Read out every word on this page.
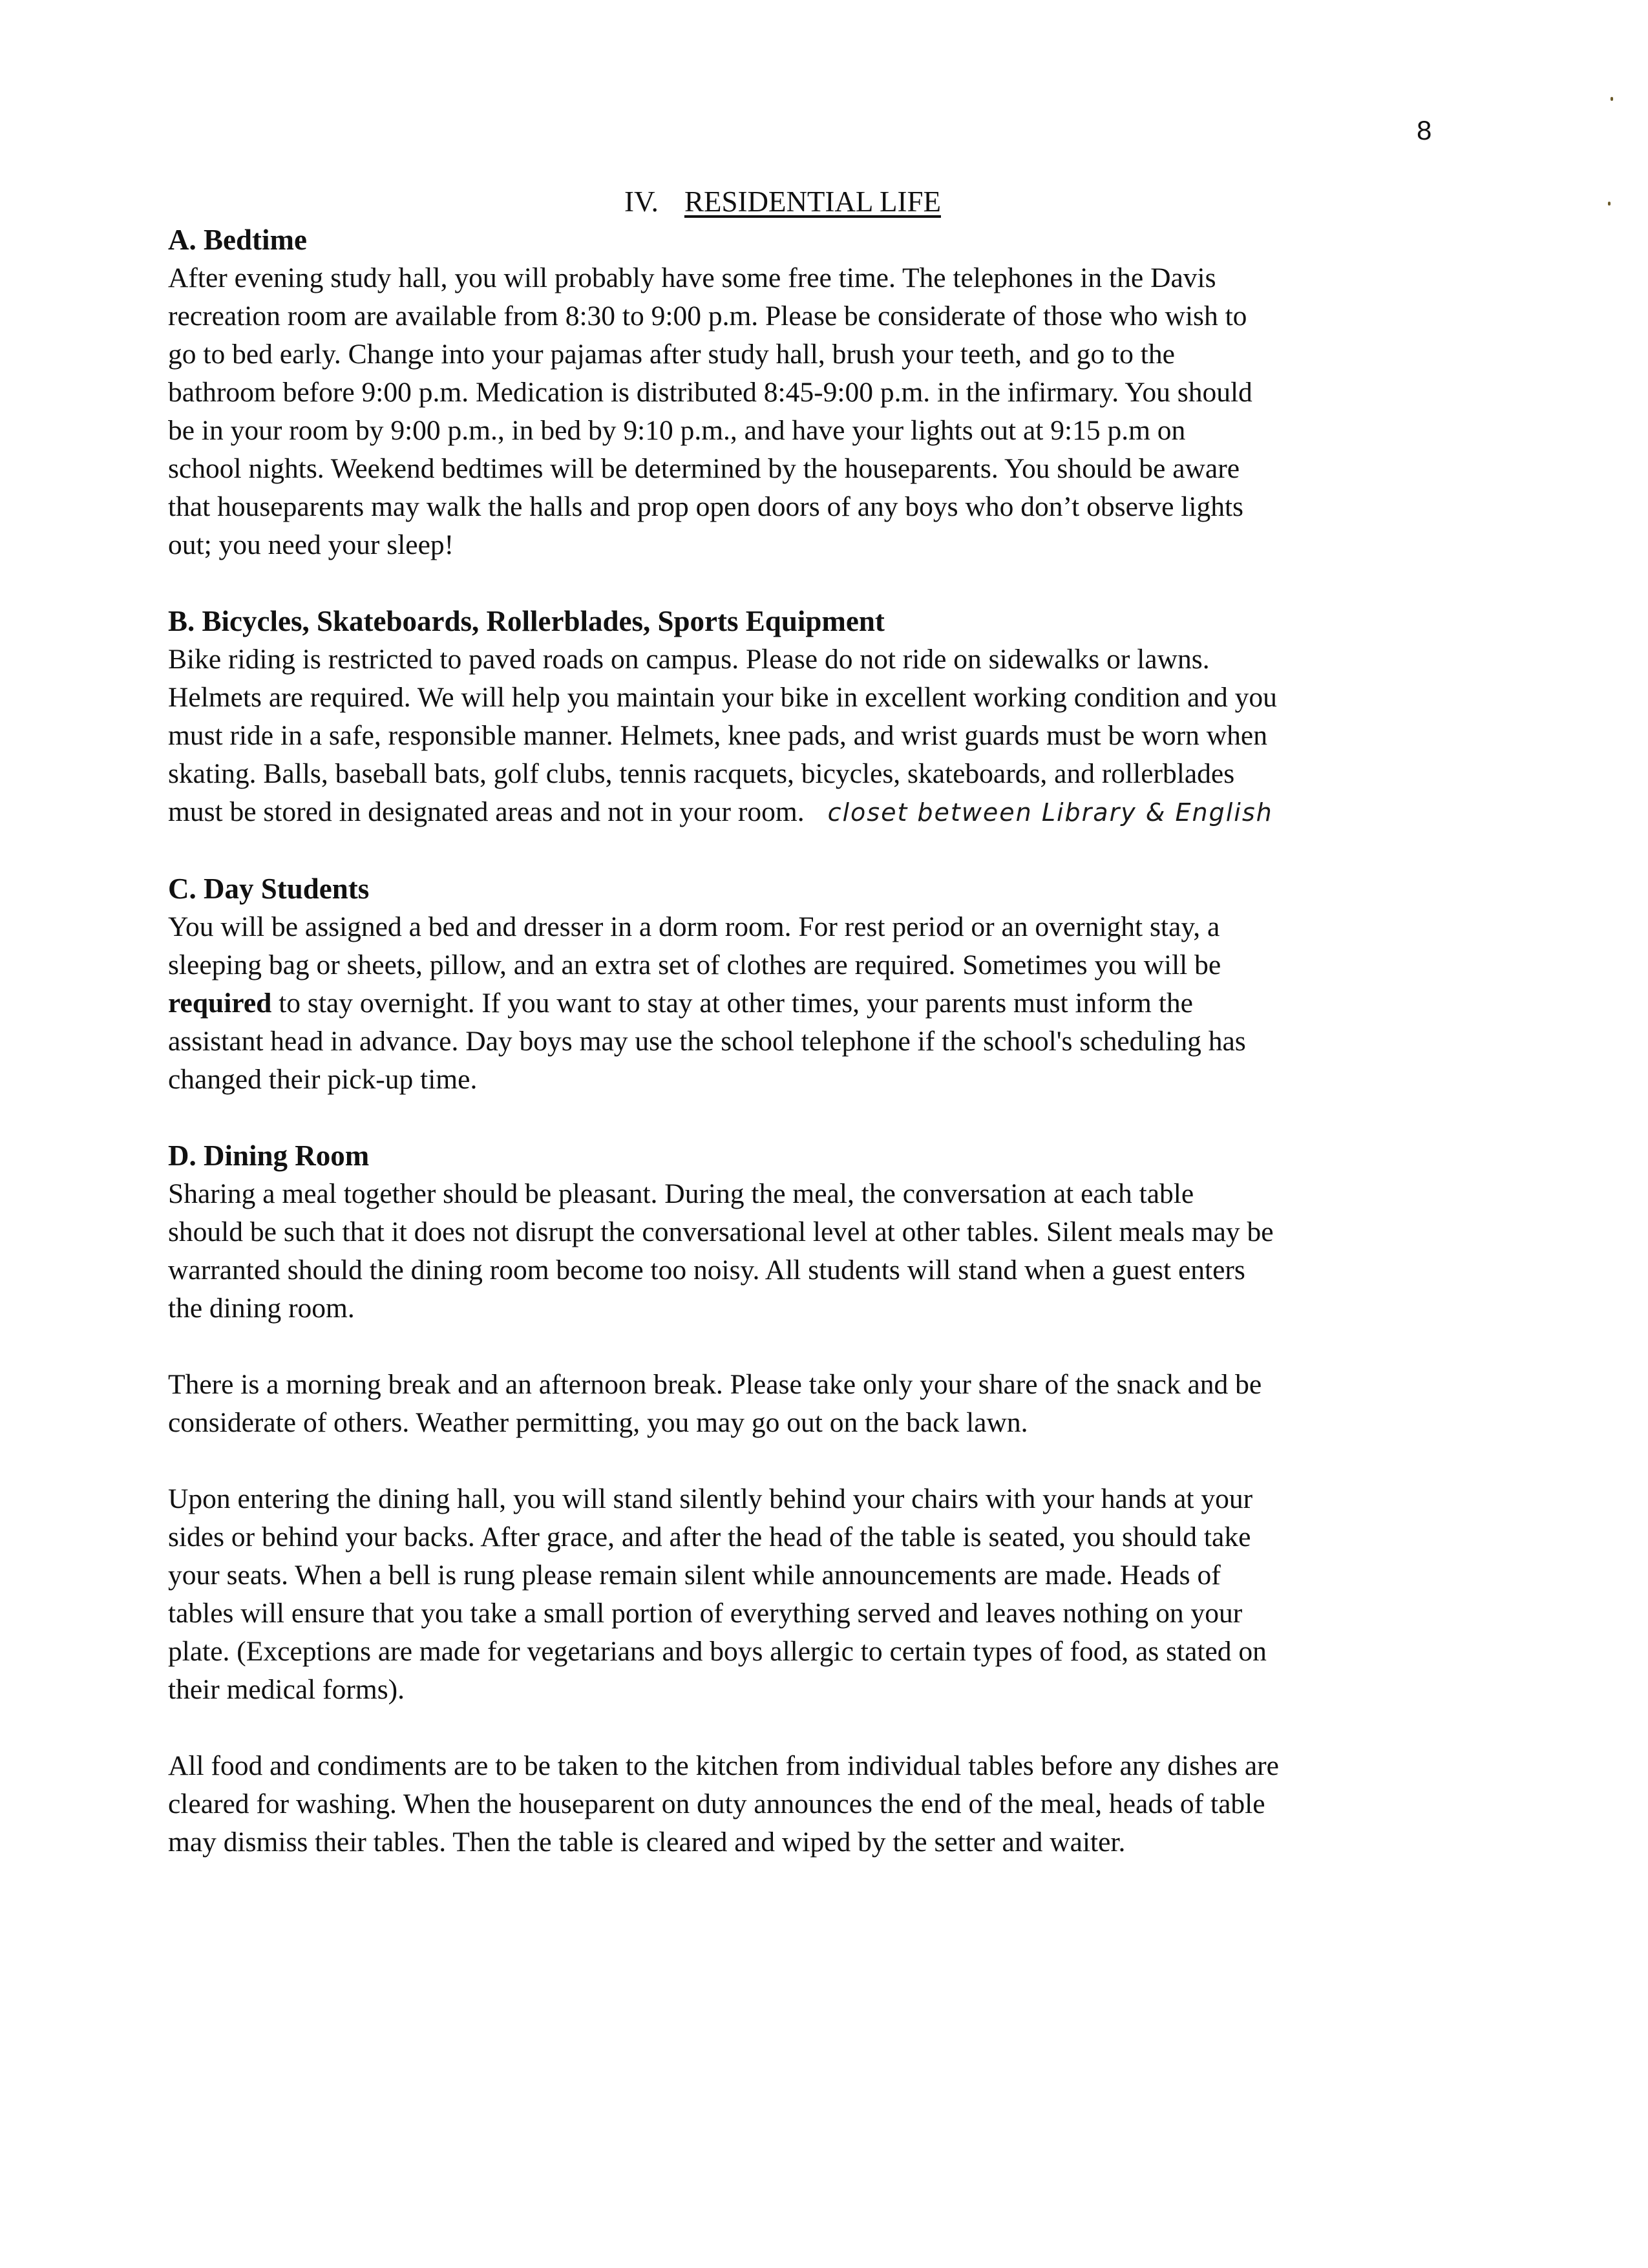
8
IV. RESIDENTIAL LIFE

A. Bedtime

After evening study hall, you will probably have some free time. The telephones in the Davis
recreation room are available from 8:30 to 9:00 p.m. Please be considerate of those who wish to
go to bed early. Change into your pajamas after study hall, brush your teeth, and go to the
bathroom before 9:00 p.m. Medication is distributed 8:45-9:00 p.m. in the infirmary. You should
be in your room by 9:00 p.m., in bed by 9:10 p.m., and have your lights out at 9:15 p.m on
school nights. Weekend bedtimes will be determined by the houseparents. You should be aware
that houseparents may walk the halls and prop open doors of any boys who don’t observe lights
out; you need your sleep!

B. Bicycles, Skateboards, Rollerblades, Sports Equipment

Bike riding is restricted to paved roads on campus. Please do not ride on sidewalks or lawns.
Helmets are required. We will help you maintain your bike in excellent working condition and you
must ride in a safe, responsible manner. Helmets, knee pads, and wrist guards must be worn when
skating. Balls, baseball bats, golf clubs, tennis racquets, bicycles, skateboards, and rollerblades
must be stored in designated areas and not in your room. closet between Library & English

C. Day Students

You will be assigned a bed and dresser in a dorm room. For rest period or an overnight stay, a
sleeping bag or sheets, pillow, and an extra set of clothes are required. Sometimes you will be
required to stay overnight. If you want to stay at other times, your parents must inform the
assistant head in advance. Day boys may use the school telephone if the school's scheduling has
changed their pick-up time.

D. Dining Room

Sharing a meal together should be pleasant. During the meal, the conversation at each table
should be such that it does not disrupt the conversational level at other tables. Silent meals may be
warranted should the dining room become too noisy. All students will stand when a guest enters
the dining room.

There is a morning break and an afternoon break. Please take only your share of the snack and be
considerate of others. Weather permitting, you may go out on the back lawn.

Upon entering the dining hall, you will stand silently behind your chairs with your hands at your
sides or behind your backs. After grace, and after the head of the table is seated, you should take
your seats. When a bell is rung please remain silent while announcements are made. Heads of
tables will ensure that you take a small portion of everything served and leaves nothing on your
plate. (Exceptions are made for vegetarians and boys allergic to certain types of food, as stated on
their medical forms).

All food and condiments are to be taken to the kitchen from individual tables before any dishes are
cleared for washing. When the houseparent on duty announces the end of the meal, heads of table
may dismiss their tables. Then the table is cleared and wiped by the setter and waiter.
